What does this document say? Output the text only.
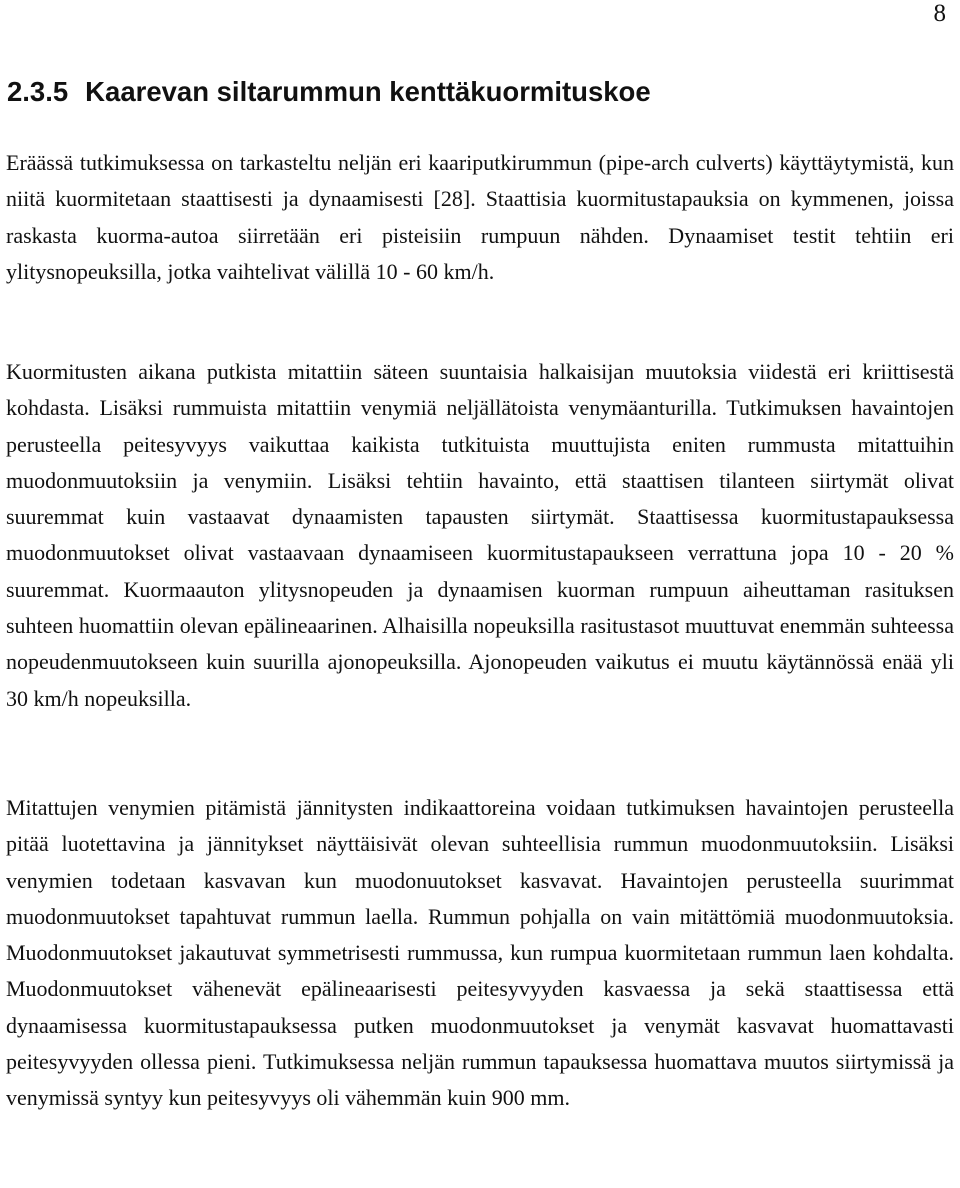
8
2.3.5 Kaarevan siltarummun kenttäkuormituskoe

Eräässä tutkimuksessa on tarkasteltu neljän eri kaariputkirummun (pipe-arch culverts) käyttäytymistä, kun niitä kuormitetaan staattisesti ja dynaamisesti [28]. Staattisia kuormitustapauksia on kymmenen, joissa raskasta kuorma-autoa siirretään eri pisteisiin rumpuun nähden. Dynaamiset testit tehtiin eri ylitysnopeuksilla, jotka vaihtelivat välillä 10 - 60 km/h.

Kuormitusten aikana putkista mitattiin säteen suuntaisia halkaisijan muutoksia viidestä eri kriittisestä kohdasta. Lisäksi rummuista mitattiin venymiä neljällätoista venymäanturilla. Tutkimuksen havaintojen perusteella peitesyvyys vaikuttaa kaikista tutkituista muuttujista eniten rummusta mitattuihin muodonmuutoksiin ja venymiin. Lisäksi tehtiin havainto, että staattisen tilanteen siirtymät olivat suuremmat kuin vastaavat dynaamisten tapausten siirtymät. Staattisessa kuormitustapauksessa muodonmuutokset olivat vastaavaan dynaamiseen kuormitustapaukseen verrattuna jopa 10 - 20 % suuremmat. Kuormaauton ylitysnopeuden ja dynaamisen kuorman rumpuun aiheuttaman rasituksen suhteen huomattiin olevan epälineaarinen. Alhaisilla nopeuksilla rasitustasot muuttuvat enemmän suhteessa nopeudenmuutokseen kuin suurilla ajonopeuksilla. Ajonopeuden vaikutus ei muutu käytännössä enää yli 30 km/h nopeuksilla.

Mitattujen venymien pitämistä jännitysten indikaattoreina voidaan tutkimuksen havaintojen perusteella pitää luotettavina ja jännitykset näyttäisivät olevan suhteellisia rummun muodonmuutoksiin. Lisäksi venymien todetaan kasvavan kun muodonuutokset kasvavat. Havaintojen perusteella suurimmat muodonmuutokset tapahtuvat rummun laella. Rummun pohjalla on vain mitättömiä muodonmuutoksia. Muodonmuutokset jakautuvat symmetrisesti rummussa, kun rumpua kuormitetaan rummun laen kohdalta. Muodonmuutokset vähenevät epälineaarisesti peitesyvyyden kasvaessa ja sekä staattisessa että dynaamisessa kuormitustapauksessa putken muodonmuutokset ja venymät kasvavat huomattavasti peitesyvyyden ollessa pieni. Tutkimuksessa neljän rummun tapauksessa huomattava muutos siirtymissä ja venymissä syntyy kun peitesyvyys oli vähemmän kuin 900 mm.
